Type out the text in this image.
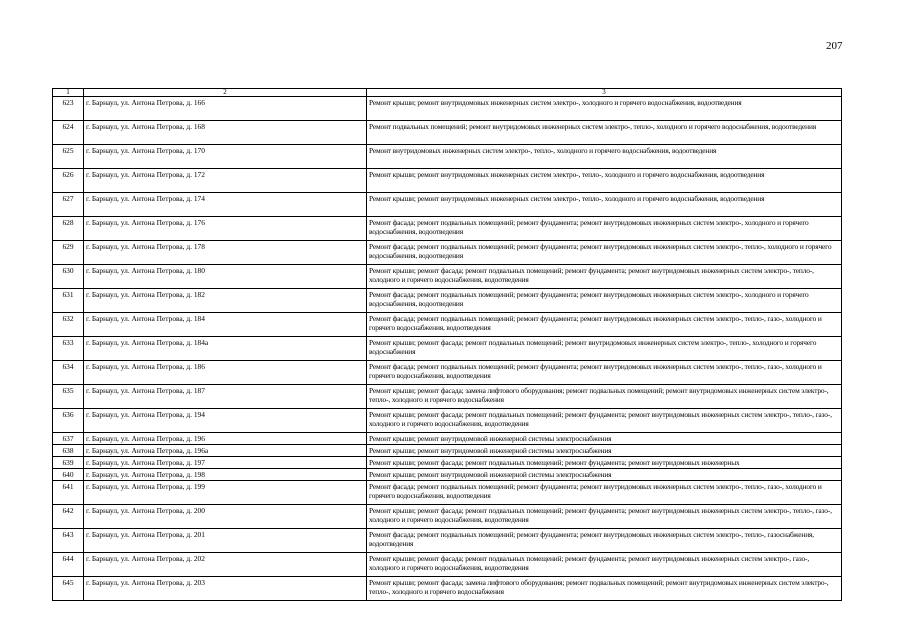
207
1	2	3
623	г. Барнаул, ул. Антона Петрова, д. 166	Ремонт крыши; ремонт внутридомовых инженерных систем электро-, холодного и горячего водоснабжения, водоотведения
624	г. Барнаул, ул. Антона Петрова, д. 168	Ремонт подвальных помещений; ремонт внутридомовых инженерных систем электро-, тепло-, холодного и горячего водоснабжения, водоотведения
625	г. Барнаул, ул. Антона Петрова, д. 170	Ремонт внутридомовых инженерных систем электро-, тепло-, холодного и горячего водоснабжения, водоотведения
626	г. Барнаул, ул. Антона Петрова, д. 172	Ремонт крыши; ремонт внутридомовых инженерных систем электро-, тепло-, холодного и горячего водоснабжения, водоотведения
627	г. Барнаул, ул. Антона Петрова, д. 174	Ремонт крыши; ремонт внутридомовых инженерных систем электро-, тепло-, холодного и горячего водоснабжения, водоотведения
628	г. Барнаул, ул. Антона Петрова, д. 176	Ремонт фасада; ремонт подвальных помещений; ремонт фундамента; ремонт внутридомовых инженерных систем электро-, холодного и горячего водоснабжения, водоотведения
629	г. Барнаул, ул. Антона Петрова, д. 178	Ремонт фасада; ремонт подвальных помещений; ремонт фундамента; ремонт внутридомовых инженерных систем электро-, тепло-, холодного и горячего водоснабжения, водоотведения
630	г. Барнаул, ул. Антона Петрова, д. 180	Ремонт крыши; ремонт фасада; ремонт подвальных помещений; ремонт фундамента; ремонт внутридомовых инженерных систем электро-, тепло-, холодного и горячего водоснабжения, водоотведения
631	г. Барнаул, ул. Антона Петрова, д. 182	Ремонт фасада; ремонт подвальных помещений; ремонт фундамента; ремонт внутридомовых инженерных систем электро-, холодного и горячего водоснабжения, водоотведения
632	г. Барнаул, ул. Антона Петрова, д. 184	Ремонт фасада; ремонт подвальных помещений; ремонт фундамента; ремонт внутридомовых инженерных систем электро-, тепло-, газо-, холодного и горячего водоснабжения, водоотведения
633	г. Барнаул, ул. Антона Петрова, д. 184а	Ремонт крыши; ремонт фасада; ремонт подвальных помещений; ремонт внутридомовых инженерных систем электро-, тепло-, холодного и горячего водоснабжения
634	г. Барнаул, ул. Антона Петрова, д. 186	Ремонт фасада; ремонт подвальных помещений; ремонт фундамента; ремонт внутридомовых инженерных систем электро-, тепло-, газо-, холодного и горячего водоснабжения, водоотведения
635	г. Барнаул, ул. Антона Петрова, д. 187	Ремонт крыши; ремонт фасада; замена лифтового оборудования; ремонт подвальных помещений; ремонт внутридомовых инженерных систем электро-, тепло-, холодного и горячего водоснабжения
636	г. Барнаул, ул. Антона Петрова, д. 194	Ремонт крыши; ремонт фасада; ремонт подвальных помещений; ремонт фундамента; ремонт внутридомовых инженерных систем электро-, тепло-, газо-, холодного и горячего водоснабжения, водоотведения
637	г. Барнаул, ул. Антона Петрова, д. 196	Ремонт крыши; ремонт внутридомовой инженерной системы электроснабжения
638	г. Барнаул, ул. Антона Петрова, д. 196а	Ремонт крыши; ремонт внутридомовой инженерной системы электроснабжения
639	г. Барнаул, ул. Антона Петрова, д. 197	Ремонт крыши; ремонт фасада; ремонт подвальных помещений; ремонт фундамента; ремонт внутридомовых инженерных
640	г. Барнаул, ул. Антона Петрова, д. 198	Ремонт крыши; ремонт внутридомовой инженерной системы электроснабжения
641	г. Барнаул, ул. Антона Петрова, д. 199	Ремонт фасада; ремонт подвальных помещений; ремонт фундамента; ремонт внутридомовых инженерных систем электро-, тепло-, газо-, холодного и горячего водоснабжения, водоотведения
642	г. Барнаул, ул. Антона Петрова, д. 200	Ремонт крыши; ремонт фасада; ремонт подвальных помещений; ремонт фундамента; ремонт внутридомовых инженерных систем электро-, тепло-, газо-, холодного и горячего водоснабжения, водоотведения
643	г. Барнаул, ул. Антона Петрова, д. 201	Ремонт фасада; ремонт подвальных помещений; ремонт фундамента; ремонт внутридомовых инженерных систем электро-, тепло-, газоснабжения, водоотведения
644	г. Барнаул, ул. Антона Петрова, д. 202	Ремонт крыши; ремонт фасада; ремонт подвальных помещений; ремонт фундамента; ремонт внутридомовых инженерных систем электро-, газо-, холодного и горячего водоснабжения, водоотведения
645	г. Барнаул, ул. Антона Петрова, д. 203	Ремонт крыши; ремонт фасада; замена лифтового оборудования; ремонт подвальных помещений; ремонт внутридомовых инженерных систем электро-, тепло-, холодного и горячего водоснабжения
